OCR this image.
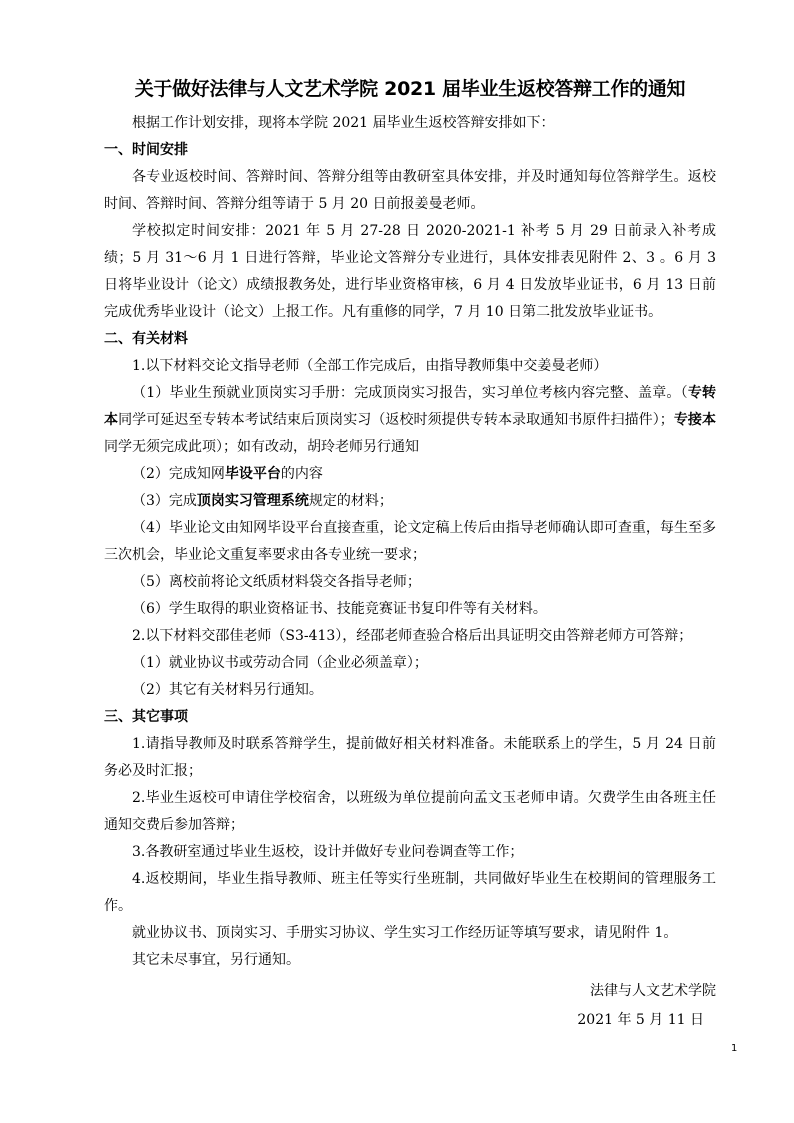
关于做好法律与人文艺术学院 2021 届毕业生返校答辩工作的通知

根据工作计划安排，现将本学院 2021 届毕业生返校答辩安排如下：

一、时间安排

各专业返校时间、答辩时间、答辩分组等由教研室具体安排，并及时通知每位答辩学生。返校时间、答辩时间、答辩分组等请于 5 月 20 日前报姜曼老师。

学校拟定时间安排：2021 年 5 月 27-28 日 2020-2021-1 补考 5 月 29 日前录入补考成绩；5 月 31～6 月 1 日进行答辩，毕业论文答辩分专业进行，具体安排表见附件 2、3 。6 月 3 日将毕业设计（论文）成绩报教务处，进行毕业资格审核，6 月 4 日发放毕业证书，6 月 13 日前完成优秀毕业设计（论文）上报工作。凡有重修的同学，7 月 10 日第二批发放毕业证书。

二、有关材料

1.以下材料交论文指导老师（全部工作完成后，由指导教师集中交姜曼老师）

（1）毕业生预就业顶岗实习手册：完成顶岗实习报告，实习单位考核内容完整、盖章。（专转本同学可延迟至专转本考试结束后顶岗实习（返校时须提供专转本录取通知书原件扫描件）；专接本同学无须完成此项）；如有改动，胡玲老师另行通知

（2）完成知网毕设平台的内容

（3）完成顶岗实习管理系统规定的材料；

（4）毕业论文由知网毕设平台直接查重，论文定稿上传后由指导老师确认即可查重，每生至多三次机会，毕业论文重复率要求由各专业统一要求；

（5）离校前将论文纸质材料袋交各指导老师；

（6）学生取得的职业资格证书、技能竞赛证书复印件等有关材料。

2.以下材料交邵佳老师（S3-413），经邵老师查验合格后出具证明交由答辩老师方可答辩；

（1）就业协议书或劳动合同（企业必须盖章）；

（2）其它有关材料另行通知。

三、其它事项

1.请指导教师及时联系答辩学生，提前做好相关材料准备。未能联系上的学生，5 月 24 日前务必及时汇报；

2.毕业生返校可申请住学校宿舍，以班级为单位提前向孟文玉老师申请。欠费学生由各班主任通知交费后参加答辩；

3.各教研室通过毕业生返校，设计并做好专业问卷调查等工作；

4.返校期间，毕业生指导教师、班主任等实行坐班制，共同做好毕业生在校期间的管理服务工作。

就业协议书、顶岗实习、手册实习协议、学生实习工作经历证等填写要求，请见附件 1。

其它未尽事宜，另行通知。

法律与人文艺术学院

2021 年 5 月 11 日

1
